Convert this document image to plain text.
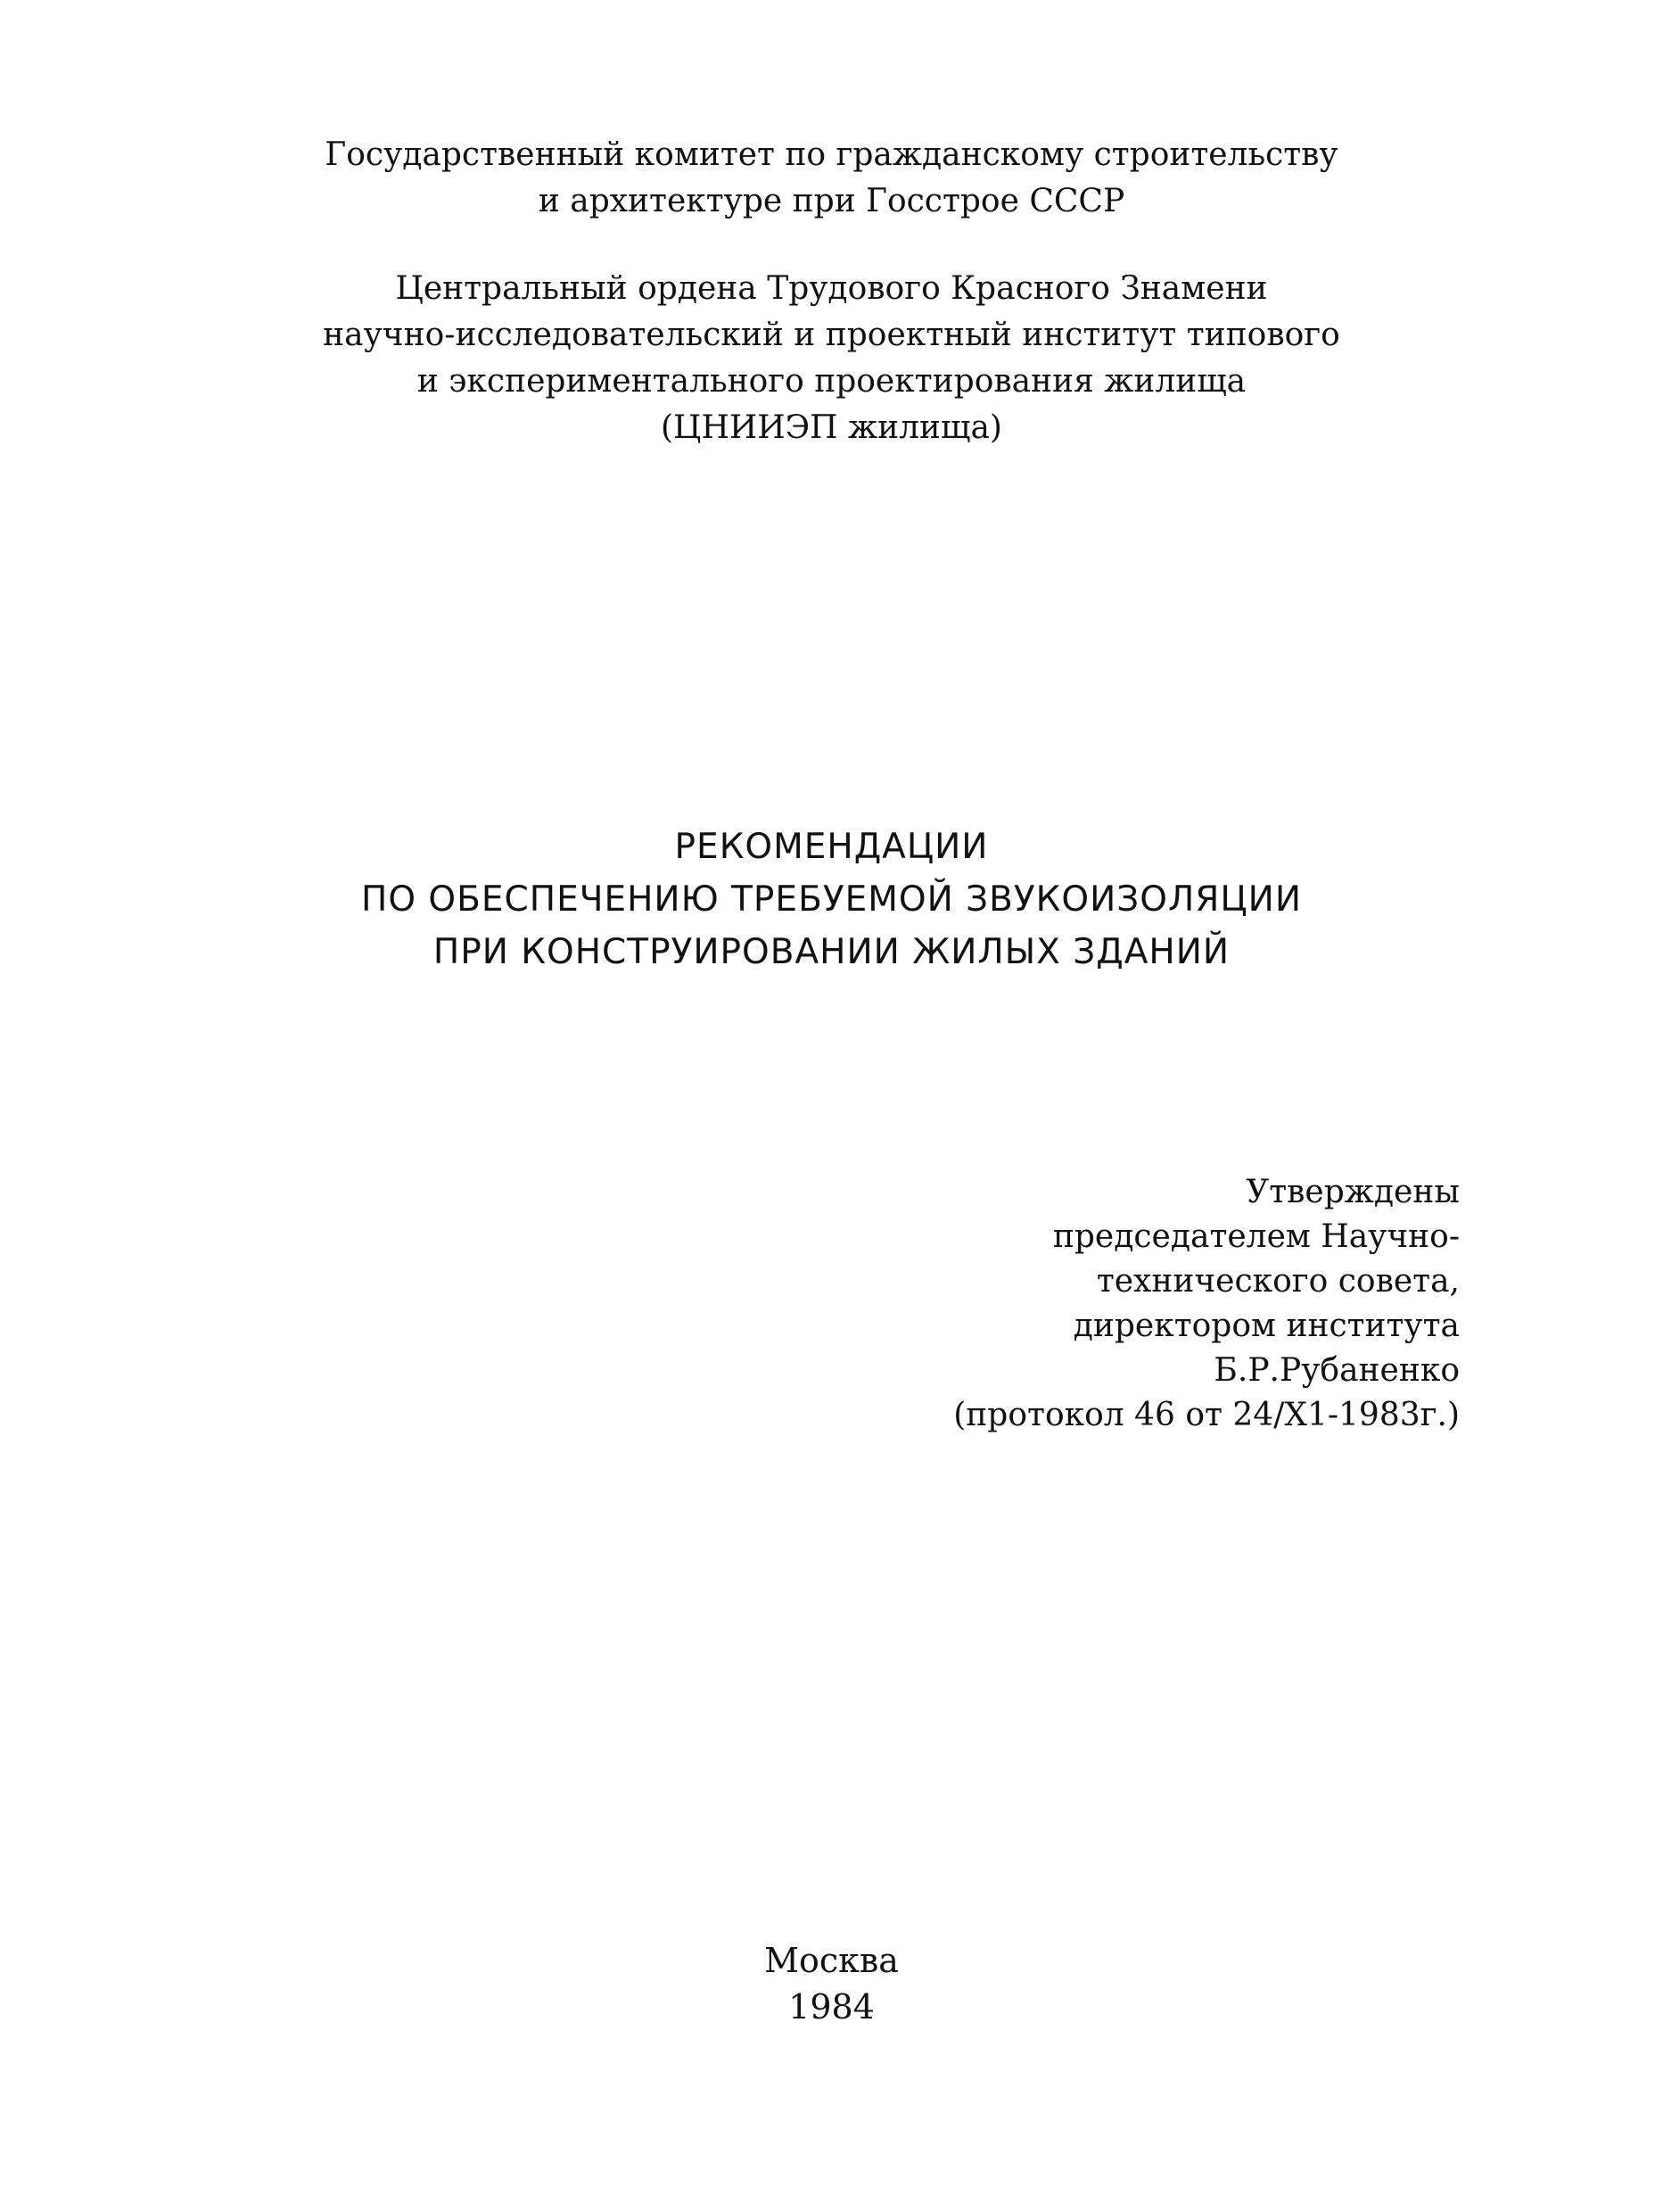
Государственный комитет по гражданскому строительству
и архитектуре при Госстрое СССР
Центральный ордена Трудового Красного Знамени
научно-исследовательский и проектный институт типового
и экспериментального проектирования жилища
(ЦНИИЭП жилища)
РЕКОМЕНДАЦИИ
ПО ОБЕСПЕЧЕНИЮ ТРЕБУЕМОЙ ЗВУКОИЗОЛЯЦИИ
ПРИ КОНСТРУИРОВАНИИ ЖИЛЫХ ЗДАНИЙ
Утверждены
председателем Научно-
технического совета,
директором института
Б.Р.Рубаненко
(протокол 46 от 24/Х1-1983г.)
Москва
1984
